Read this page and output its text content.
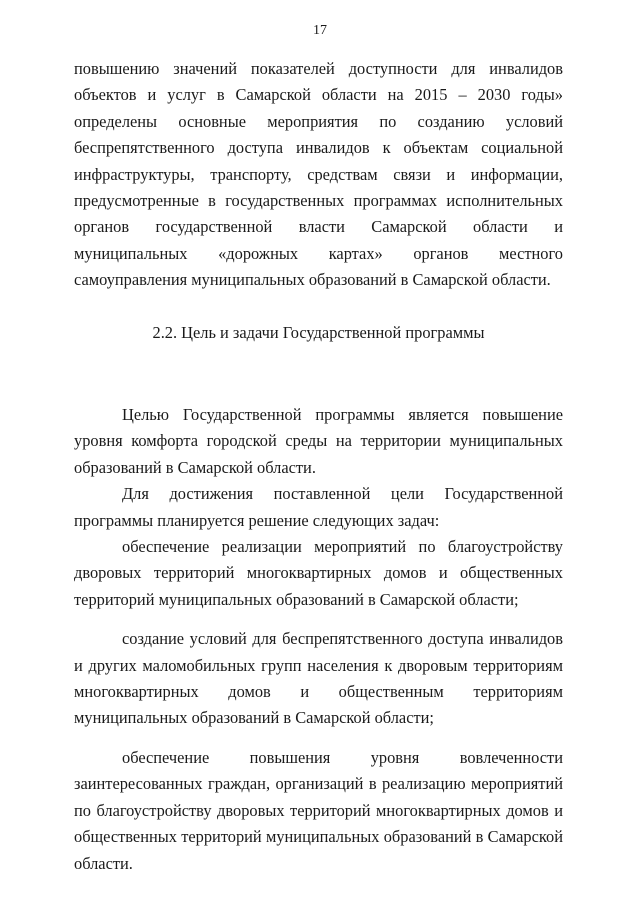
17

повышению значений показателей доступности для инвалидов объектов и услуг в Самарской области на 2015 – 2030 годы» определены основные мероприятия по созданию условий беспрепятственного доступа инвалидов к объектам социальной инфраструктуры, транспорту, средствам связи и информации, предусмотренные в государственных программах исполнительных органов государственной власти Самарской области и муниципальных «дорожных картах» органов местного самоуправления муниципальных образований в Самарской области.

2.2. Цель и задачи Государственной программы

Целью Государственной программы является повышение уровня комфорта городской среды на территории муниципальных образований в Самарской области.

Для достижения поставленной цели Государственной программы планируется решение следующих задач:

обеспечение реализации мероприятий по благоустройству дворовых территорий многоквартирных домов и общественных территорий муниципальных образований в Самарской области;

создание условий для беспрепятственного доступа инвалидов и других маломобильных групп населения к дворовым территориям многоквартирных домов и общественным территориям муниципальных образований в Самарской области;

обеспечение повышения уровня вовлеченности заинтересованных граждан, организаций в реализацию мероприятий по благоустройству дворовых территорий многоквартирных домов и общественных территорий муниципальных образований в Самарской области.
